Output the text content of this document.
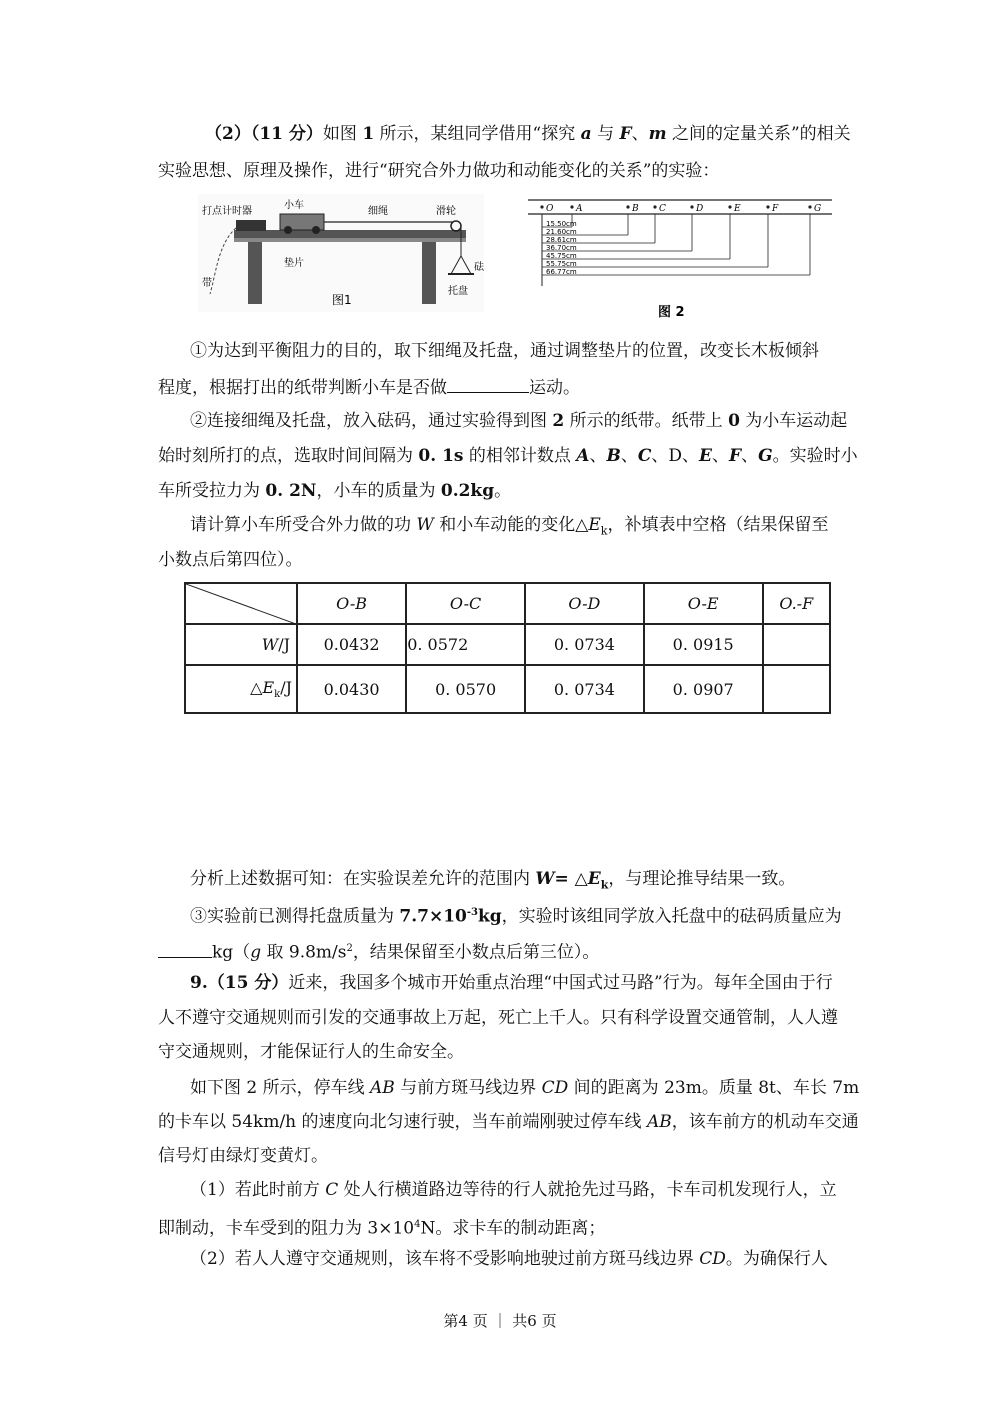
（2）（11 分）如图 1 所示，某组同学借用“探究 a 与 F、m 之间的定量关系”的相关
实验思想、原理及操作，进行“研究合外力做功和动能变化的关系”的实验：
打点计时器
小车
细绳	滑轮
垫片
带
托盘
砝
图1
O	A	B C	D	E	F	G
15.50cm
21.60cm
28.61cm
36.70cm
45.75cm
55.75cm
66.77cm
图 2
①为达到平衡阻力的目的，取下细绳及托盘，通过调整垫片的位置，改变长木板倾斜
程度，根据打出的纸带判断小车是否做	运动。
②连接细绳及托盘，放入砝码，通过实验得到图 2 所示的纸带。纸带上 0 为小车运动起
始时刻所打的点，选取时间间隔为 0. 1s 的相邻计数点 A、B、C、D、E、F、G。实验时小
车所受拉力为 0. 2N，小车的质量为 0.2kg。
请计算小车所受合外力做的功 W 和小车动能的变化$\triangle E_k$，补填表中空格（结果保留至
小数点后第四位）。
	O-B	O-C	O-D	O-E	O.-F
W/J	0.0432	0. 0572	0. 0734	0. 0915	
$\triangle E_k/J$	0.0430	0. 0570	0. 0734	0. 0907	
分析上述数据可知：在实验误差允许的范围内 $W= \triangle E_k$，与理论推导结果一致。
③实验前已测得托盘质量为 $7.7\times 10^{-3}kg$，实验时该组同学放入托盘中的砝码质量应为
kg（g 取 $9.8m/s^2$，结果保留至小数点后第三位）。
9.（15 分）近来，我国多个城市开始重点治理“中国式过马路”行为。每年全国由于行
人不遵守交通规则而引发的交通事故上万起，死亡上千人。只有科学设置交通管制，人人遵
守交通规则，才能保证行人的生命安全。
如下图 2 所示，停车线 AB 与前方斑马线边界 CD 间的距离为 23m。质量 8t、车长 7m
的卡车以 54km/h 的速度向北匀速行驶，当车前端刚驶过停车线 AB，该车前方的机动车交通
信号灯由绿灯变黄灯。
（1）若此时前方 C 处人行横道路边等待的行人就抢先过马路，卡车司机发现行人，立
即制动，卡车受到的阻力为 $3\times 10^4N$。求卡车的制动距离；
（2）若人人遵守交通规则，该车将不受影响地驶过前方斑马线边界 CD。为确保行人
第4 页 ｜ 共6 页
